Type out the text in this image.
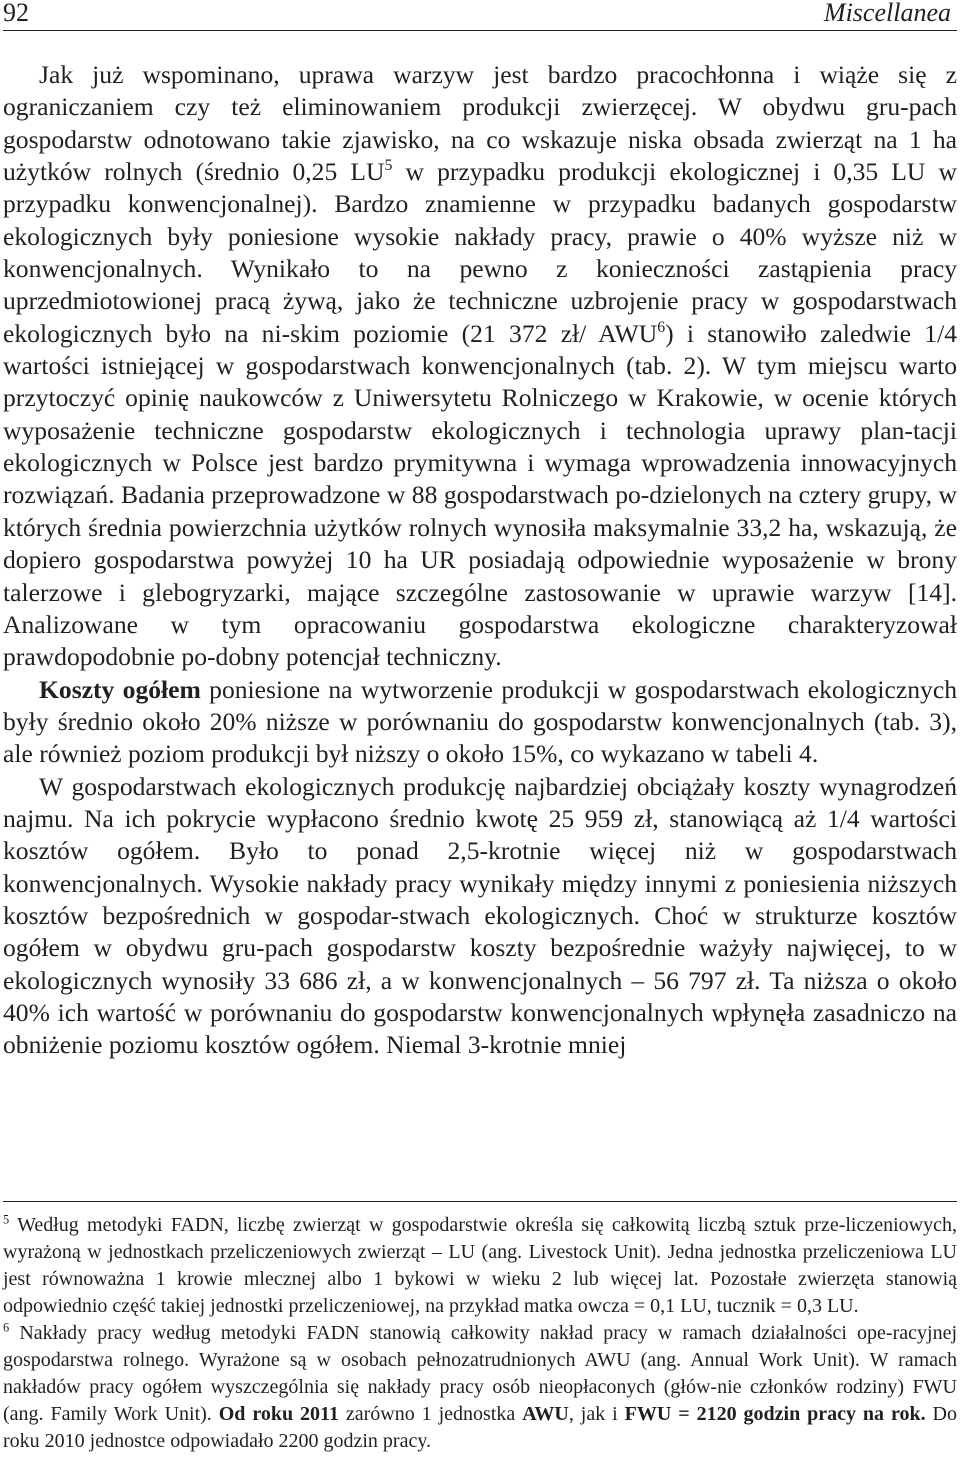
92	Miscellanea

Jak już wspominano, uprawa warzyw jest bardzo pracochłonna i wiąże się z ograniczaniem czy też eliminowaniem produkcji zwierzęcej. W obydwu gru-pach gospodarstw odnotowano takie zjawisko, na co wskazuje niska obsada zwierząt na 1 ha użytków rolnych (średnio 0,25 $LU^5$ w przypadku produkcji ekologicznej i 0,35 LU w przypadku konwencjonalnej). Bardzo znamienne w przypadku badanych gospodarstw ekologicznych były poniesione wysokie nakłady pracy, prawie o 40% wyższe niż w konwencjonalnych. Wynikało to na pewno z konieczności zastąpienia pracy uprzedmiotowionej pracą żywą, jako że techniczne uzbrojenie pracy w gospodarstwach ekologicznych było na ni-skim poziomie (21 372 zł/ AWU$^6$) i stanowiło zaledwie 1/4 wartości istniejącej w gospodarstwach konwencjonalnych (tab. 2). W tym miejscu warto przytoczyć opinię naukowców z Uniwersytetu Rolniczego w Krakowie, w ocenie których wyposażenie techniczne gospodarstw ekologicznych i technologia uprawy plan-tacji ekologicznych w Polsce jest bardzo prymitywna i wymaga wprowadzenia innowacyjnych rozwiązań. Badania przeprowadzone w 88 gospodarstwach po-dzielonych na cztery grupy, w których średnia powierzchnia użytków rolnych wynosiła maksymalnie 33,2 ha, wskazują, że dopiero gospodarstwa powyżej 10 ha UR posiadają odpowiednie wyposażenie w brony talerzowe i glebogryzarki, mające szczególne zastosowanie w uprawie warzyw [14]. Analizowane w tym opracowaniu gospodarstwa ekologiczne charakteryzował prawdopodobnie po-dobny potencjał techniczny.

Koszty ogółem poniesione na wytworzenie produkcji w gospodarstwach ekologicznych były średnio około 20% niższe w porównaniu do gospodarstw konwencjonalnych (tab. 3), ale również poziom produkcji był niższy o około 15%, co wykazano w tabeli 4.

W gospodarstwach ekologicznych produkcję najbardziej obciążały koszty wynagrodzeń najmu. Na ich pokrycie wypłacono średnio kwotę 25 959 zł, stanowiącą aż 1/4 wartości kosztów ogółem. Było to ponad 2,5-krotnie więcej niż w gospodarstwach konwencjonalnych. Wysokie nakłady pracy wynikały między innymi z poniesienia niższych kosztów bezpośrednich w gospodar-stwach ekologicznych. Choć w strukturze kosztów ogółem w obydwu gru-pach gospodarstw koszty bezpośrednie ważyły najwięcej, to w ekologicznych wynosiły 33 686 zł, a w konwencjonalnych – 56 797 zł. Ta niższa o około 40% ich wartość w porównaniu do gospodarstw konwencjonalnych wpłynęła zasadniczo na obniżenie poziomu kosztów ogółem. Niemal 3-krotnie mniej

$^5$ Według metodyki FADN, liczbę zwierząt w gospodarstwie określa się całkowitą liczbą sztuk prze-liczeniowych, wyrażoną w jednostkach przeliczeniowych zwierząt – LU (ang. Livestock Unit). Jedna jednostka przeliczeniowa LU jest równoważna 1 krowie mlecznej albo 1 bykowi w wieku 2 lub więcej lat. Pozostałe zwierzęta stanowią odpowiednio część takiej jednostki przeliczeniowej, na przykład matka owcza = 0,1 LU, tucznik = 0,3 LU.

$^6$ Nakłady pracy według metodyki FADN stanowią całkowity nakład pracy w ramach działalności ope-racyjnej gospodarstwa rolnego. Wyrażone są w osobach pełnozatrudnionych AWU (ang. Annual Work Unit). W ramach nakładów pracy ogółem wyszczególnia się nakłady pracy osób nieopłaconych (głów-nie członków rodziny) FWU (ang. Family Work Unit). Od roku 2011 zarówno 1 jednostka AWU, jak i FWU = 2120 godzin pracy na rok. Do roku 2010 jednostce odpowiadało 2200 godzin pracy.
